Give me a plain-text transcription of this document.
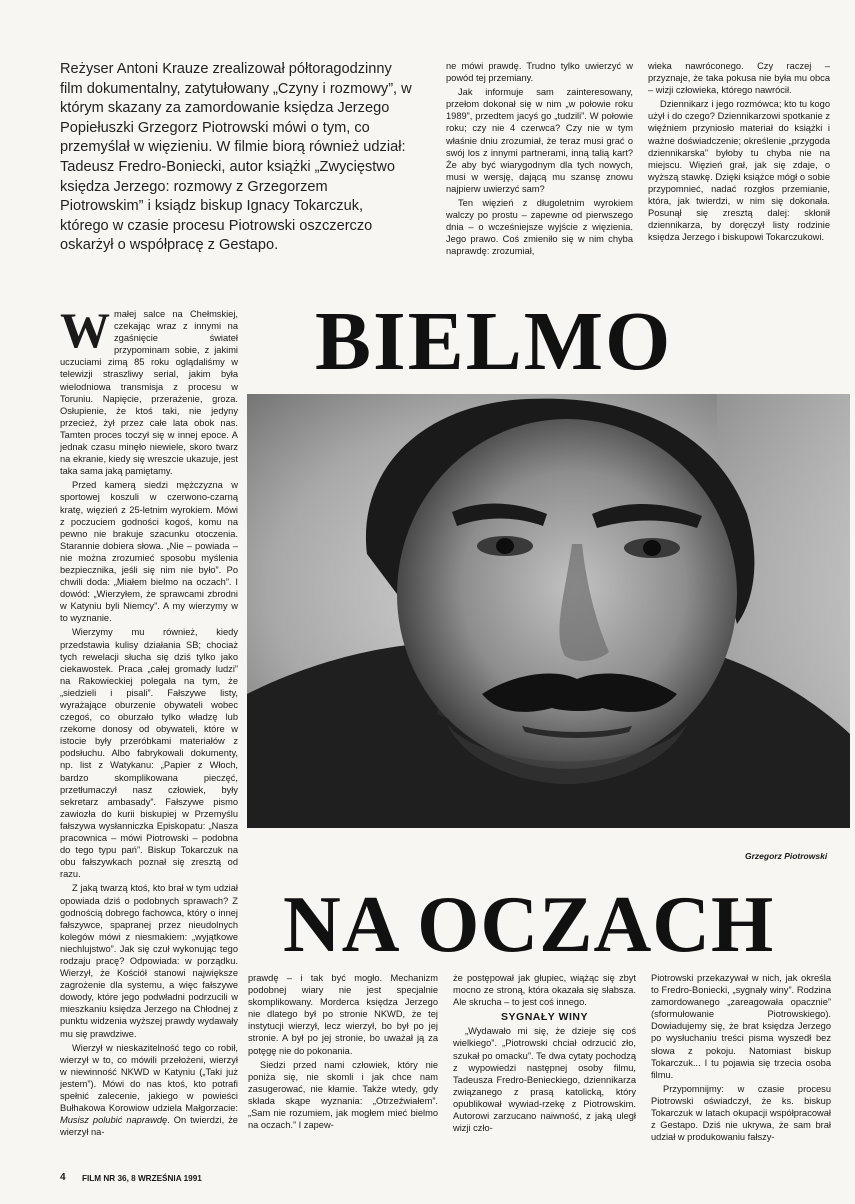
Reżyser Antoni Krauze zrealizował półtoragodzinny film dokumentalny, zatytułowany „Czyny i rozmowy”, w którym skazany za zamordowanie księdza Jerzego Popiełuszki Grzegorz Piotrowski mówi o tym, co przemyślał w więzieniu. W filmie biorą również udział: Tadeusz Fredro-Boniecki, autor książki „Zwycięstwo księdza Jerzego: rozmowy z Grzegorzem Piotrowskim” i ksiądz biskup Ignacy Tokarczuk, którego w czasie procesu Piotrowski oszczerczo oskarżył o współpracę z Gestapo.

ne mówi prawdę. Trudno tylko uwierzyć w powód tej przemiany.

Jak informuje sam zainteresowany, przełom dokonał się w nim „w połowie roku 1989”, przedtem jacyś go „tudzili”. W połowie roku; czy nie 4 czerwca? Czy nie w tym właśnie dniu zrozumiał, że teraz musi grać o swój los z innymi partnerami, inną talią kart? Że aby być wiarygodnym dla tych nowych, musi w wersję, dającą mu szansę znowu najpierw uwierzyć sam?

Ten więzień z długoletnim wyrokiem walczy po prostu – zapewne od pierwszego dnia – o wcześniejsze wyjście z więzienia. Jego prawo. Coś zmieniło się w nim chyba naprawdę: zrozumiał,

wieka nawróconego. Czy raczej – przyznaje, że taka pokusa nie była mu obca – wizji człowieka, którego nawrócił.

Dziennikarz i jego rozmówca; kto tu kogo użył i do czego? Dziennikarzowi spotkanie z więźniem przyniosło materiał do książki i ważne doświadczenie; określenie „przygoda dziennikarska” byłoby tu chyba nie na miejscu. Więzień grał, jak się zdaje, o wyższą stawkę. Dzięki książce mógł o sobie przypomnieć, nadać rozgłos przemianie, która, jak twierdzi, w nim się dokonała. Posunął się zresztą dalej: skłonił dziennikarza, by doręczył listy rodzinie księdza Jerzego i biskupowi Tokarczukowi.

Wmałej salce na Chełmskiej, czekając wraz z innymi na zgaśnięcie świateł przypominam sobie, z jakimi uczuciami zimą 85 roku oglądaliśmy w telewizji straszliwy serial, jakim była wielodniowa transmisja z procesu w Toruniu. Napięcie, przerażenie, groza. Osłupienie, że ktoś taki, nie jedyny przecież, żył przez całe lata obok nas. Tamten proces toczył się w innej epoce. A jednak czasu minęło niewiele, skoro twarz na ekranie, kiedy się wreszcie ukazuje, jest taka sama jaką pamiętamy.

Przed kamerą siedzi mężczyzna w sportowej koszuli w czerwono-czarną kratę, więzień z 25-letnim wyrokiem. Mówi z poczuciem godności kogoś, komu na pewno nie brakuje szacunku otoczenia. Starannie dobiera słowa. „Nie – powiada – nie można zrozumieć sposobu myślenia bezpiecznika, jeśli się nim nie było”. Po chwili doda: „Miałem bielmo na oczach”. I dowód: „Wierzyłem, że sprawcami zbrodni w Katyniu byli Niemcy”. A my wierzymy w to wyznanie.

Wierzymy mu również, kiedy przedstawia kulisy działania SB; chociaż tych rewelacji słucha się dziś tylko jako ciekawostek. Praca „całej gromady ludzi” na Rakowieckiej polegała na tym, że „siedzieli i pisali”. Fałszywe listy, wyrażające oburzenie obywateli wobec czegoś, co oburzało tylko władzę lub rzekome donosy od obywateli, które w istocie były przeróbkami materiałów z podsłuchu. Albo fabrykowali dokumenty, np. list z Watykanu: „Papier z Włoch, bardzo skomplikowana pieczęć, przetłumaczył nasz człowiek, były sekretarz ambasady”. Fałszywe pismo zawiozła do kurii biskupiej w Przemyślu fałszywa wysłanniczka Episkopatu: „Nasza pracownica – mówi Piotrowski – podobna do tego typu pań”. Biskup Tokarczuk na obu fałszywkach poznał się zresztą od razu.

Z jaką twarzą ktoś, kto brał w tym udział opowiada dziś o podobnych sprawach? Z godnością dobrego fachowca, który o innej fałszywce, spapranej przez nieudolnych kolegów mówi z niesmakiem: „wyjątkowe niechlujstwo”. Jak się czuł wykonując tego rodzaju pracę? Odpowiada: w porządku. Wierzył, że Kościół stanowi największe zagrożenie dla systemu, a więc fałszywe dowody, które jego podwładni podrzucili w mieszkaniu księdza Jerzego na Chłodnej z punktu widzenia wyższej prawdy wydawały mu się prawdziwe.

Wierzył w nieskazitelność tego co robił, wierzył w to, co mówili przełożeni, wierzył w niewinność NKWD w Katyniu („Taki już jestem”). Mówi do nas ktoś, kto potrafi spełnić zalecenie, jakiego w powieści Bułhakowa Korowiow udziela Małgorzacie: Musisz polubić naprawdę. On twierdzi, że wierzył na-

BIELMO
Grzegorz Piotrowski
NA OCZACH

prawdę – i tak być mogło. Mechanizm podobnej wiary nie jest specjalnie skomplikowany. Morderca księdza Jerzego nie dlatego był po stronie NKWD, że tej instytucji wierzył, lecz wierzył, bo był po jej stronie. A był po jej stronie, bo uważał ją za potęgę nie do pokonania.

Siedzi przed nami człowiek, który nie poniża się, nie skomli i jak chce nam zasugerować, nie kłamie. Także wtedy, gdy składa skąpe wyznania: „Otrzeźwiałem”. „Sam nie rozumiem, jak mogłem mieć bielmo na oczach.” I zapew-

że postępował jak głupiec, wiążąc się zbyt mocno ze stroną, która okazała się słabsza. Ale skrucha – to jest coś innego.

SYGNAŁY WINY

„Wydawało mi się, że dzieje się coś wielkiego”. „Piotrowski chciał odrzucić zło, szukał po omacku”. Te dwa cytaty pochodzą z wypowiedzi następnej osoby filmu, Tadeusza Fredro-Benieckiego, dziennikarza związanego z prasą katolicką, który opublikował wywiad-rzekę z Piotrowskim. Autorowi zarzucano naiwność, z jaką uległ wizji czło-

Piotrowski przekazywał w nich, jak określa to Fredro-Boniecki, „sygnały winy”. Rodzina zamordowanego „zareagowała opacznie” (sformułowanie Piotrowskiego). Dowiadujemy się, że brat księdza Jerzego po wysłuchaniu treści pisma wyszedł bez słowa z pokoju. Natomiast biskup Tokarczuk... I tu pojawia się trzecia osoba filmu.

Przypomnijmy: w czasie procesu Piotrowski oświadczył, że ks. biskup Tokarczuk w latach okupacji współpracował z Gestapo. Dziś nie ukrywa, że sam brał udział w produkowaniu fałszy-

4 FILM NR 36, 8 WRZEŚNIA 1991
